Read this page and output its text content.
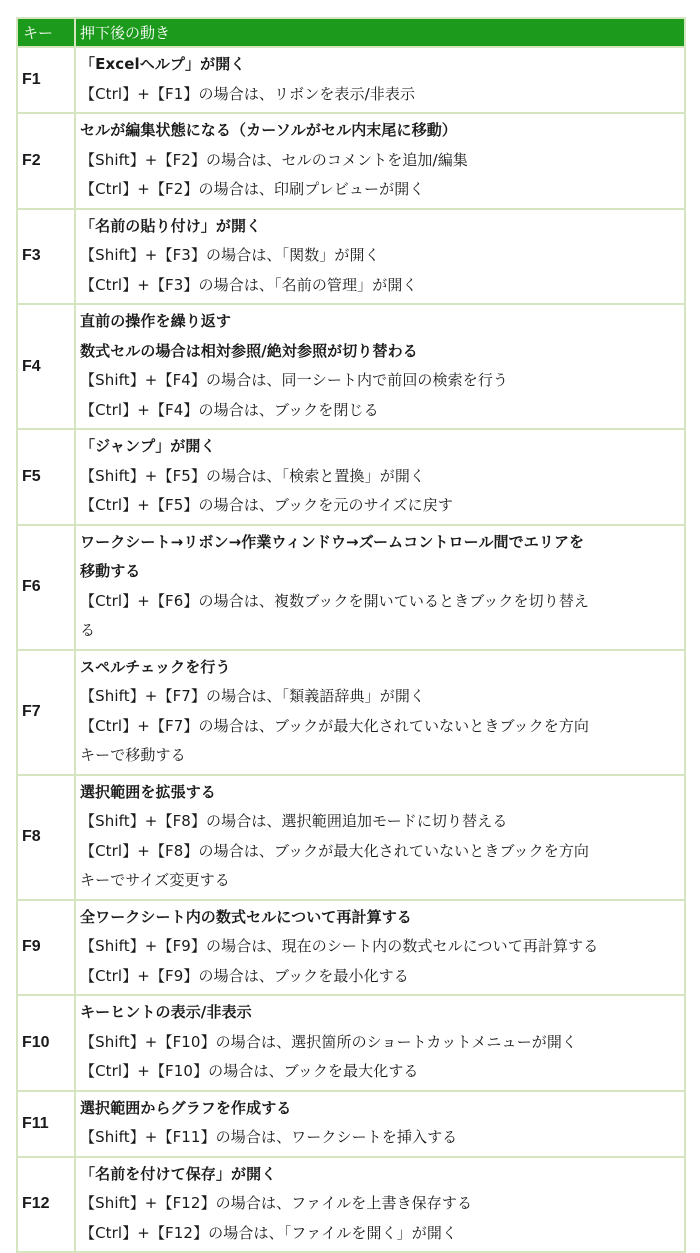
キー	押下後の動き
F1	「Excelヘルプ」が開く
【Ctrl】+【F1】の場合は、リボンを表示/非表示

F2	セルが編集状態になる（カーソルがセル内末尾に移動）
【Shift】+【F2】の場合は、セルのコメントを追加/編集
【Ctrl】+【F2】の場合は、印刷プレビューが開く

F3	「名前の貼り付け」が開く
【Shift】+【F3】の場合は、「関数」が開く
【Ctrl】+【F3】の場合は、「名前の管理」が開く

F4	直前の操作を繰り返す
数式セルの場合は相対参照/絶対参照が切り替わる
【Shift】+【F4】の場合は、同一シート内で前回の検索を行う
【Ctrl】+【F4】の場合は、ブックを閉じる

F5	「ジャンプ」が開く
【Shift】+【F5】の場合は、「検索と置換」が開く
【Ctrl】+【F5】の場合は、ブックを元のサイズに戻す

F6	ワークシート→リボン→作業ウィンドウ→ズームコントロール間でエリアを
移動する
【Ctrl】+【F6】の場合は、複数ブックを開いているときブックを切り替え
る

F7	スペルチェックを行う
【Shift】+【F7】の場合は、「類義語辞典」が開く
【Ctrl】+【F7】の場合は、ブックが最大化されていないときブックを方向
キーで移動する

F8	選択範囲を拡張する
【Shift】+【F8】の場合は、選択範囲追加モードに切り替える
【Ctrl】+【F8】の場合は、ブックが最大化されていないときブックを方向
キーでサイズ変更する

F9	全ワークシート内の数式セルについて再計算する
【Shift】+【F9】の場合は、現在のシート内の数式セルについて再計算する
【Ctrl】+【F9】の場合は、ブックを最小化する

F10	キーヒントの表示/非表示
【Shift】+【F10】の場合は、選択箇所のショートカットメニューが開く
【Ctrl】+【F10】の場合は、ブックを最大化する

F11	選択範囲からグラフを作成する
【Shift】+【F11】の場合は、ワークシートを挿入する

F12	「名前を付けて保存」が開く
【Shift】+【F12】の場合は、ファイルを上書き保存する
【Ctrl】+【F12】の場合は、「ファイルを開く」が開く
